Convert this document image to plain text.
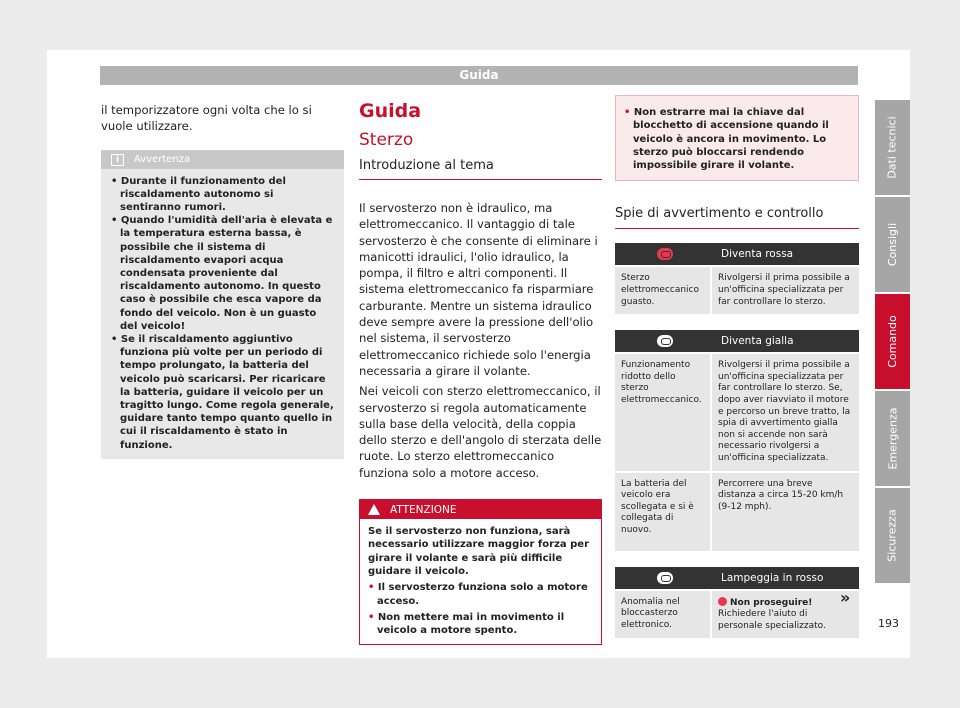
Guida
il temporizzatore ogni volta che lo si vuole utilizzare.
i	Avvertenza
• Durante il funzionamento del riscaldamento autonomo si sentiranno rumori.
• Quando l'umidità dell'aria è elevata e la temperatura esterna bassa, è possibile che il sistema di riscaldamento evapori acqua condensata proveniente dal riscaldamento autonomo. In questo caso è possibile che esca vapore da fondo del veicolo. Non è un guasto del veicolo!
• Se il riscaldamento aggiuntivo funziona più volte per un periodo di tempo prolungato, la batteria del veicolo può scaricarsi. Per ricaricare la batteria, guidare il veicolo per un tragitto lungo. Come regola generale, guidare tanto tempo quanto quello in cui il riscaldamento è stato in funzione.
Guida
Sterzo
Introduzione al tema
Il servosterzo non è idraulico, ma elettromeccanico. Il vantaggio di tale servosterzo è che consente di eliminare i manicotti idraulici, l'olio idraulico, la pompa, il filtro e altri componenti. Il sistema elettromeccanico fa risparmiare carburante. Mentre un sistema idraulico deve sempre avere la pressione dell'olio nel sistema, il servosterzo elettromeccanico richiede solo l'energia necessaria a girare il volante.
Nei veicoli con sterzo elettromeccanico, il servosterzo si regola automaticamente sulla base della velocità, della coppia dello sterzo e dell'angolo di sterzata delle ruote. Lo sterzo elettromeccanico funziona solo a motore acceso.
ATTENZIONE
Se il servosterzo non funziona, sarà necessario utilizzare maggior forza per girare il volante e sarà più difficile guidare il veicolo.
• Il servosterzo funziona solo a motore acceso.
• Non mettere mai in movimento il veicolo a motore spento.
• Non estrarre mai la chiave dal blocchetto di accensione quando il veicolo è ancora in movimento. Lo sterzo può bloccarsi rendendo impossibile girare il volante.
Spie di avvertimento e controllo
Diventa rossa
Sterzo elettromeccanico guasto.
Rivolgersi il prima possibile a un'officina specializzata per far controllare lo sterzo.
Diventa gialla
Funzionamento ridotto dello sterzo elettromeccanico.
Rivolgersi il prima possibile a un'officina specializzata per far controllare lo sterzo. Se, dopo aver riavviato il motore e percorso un breve tratto, la spia di avvertimento gialla non si accende non sarà necessario rivolgersi a un'officina specializzata.
La batteria del veicolo era scollegata e si è collegata di nuovo.
Percorrere una breve distanza a circa 15-20 km/h (9-12 mph).
Lampeggia in rosso
Anomalia nel bloccasterzo elettronico.
Non proseguire!
Richiedere l'aiuto di personale specializzato.
»
Dati tecnici
Consigli
Comando
Emergenza
Sicurezza
193
